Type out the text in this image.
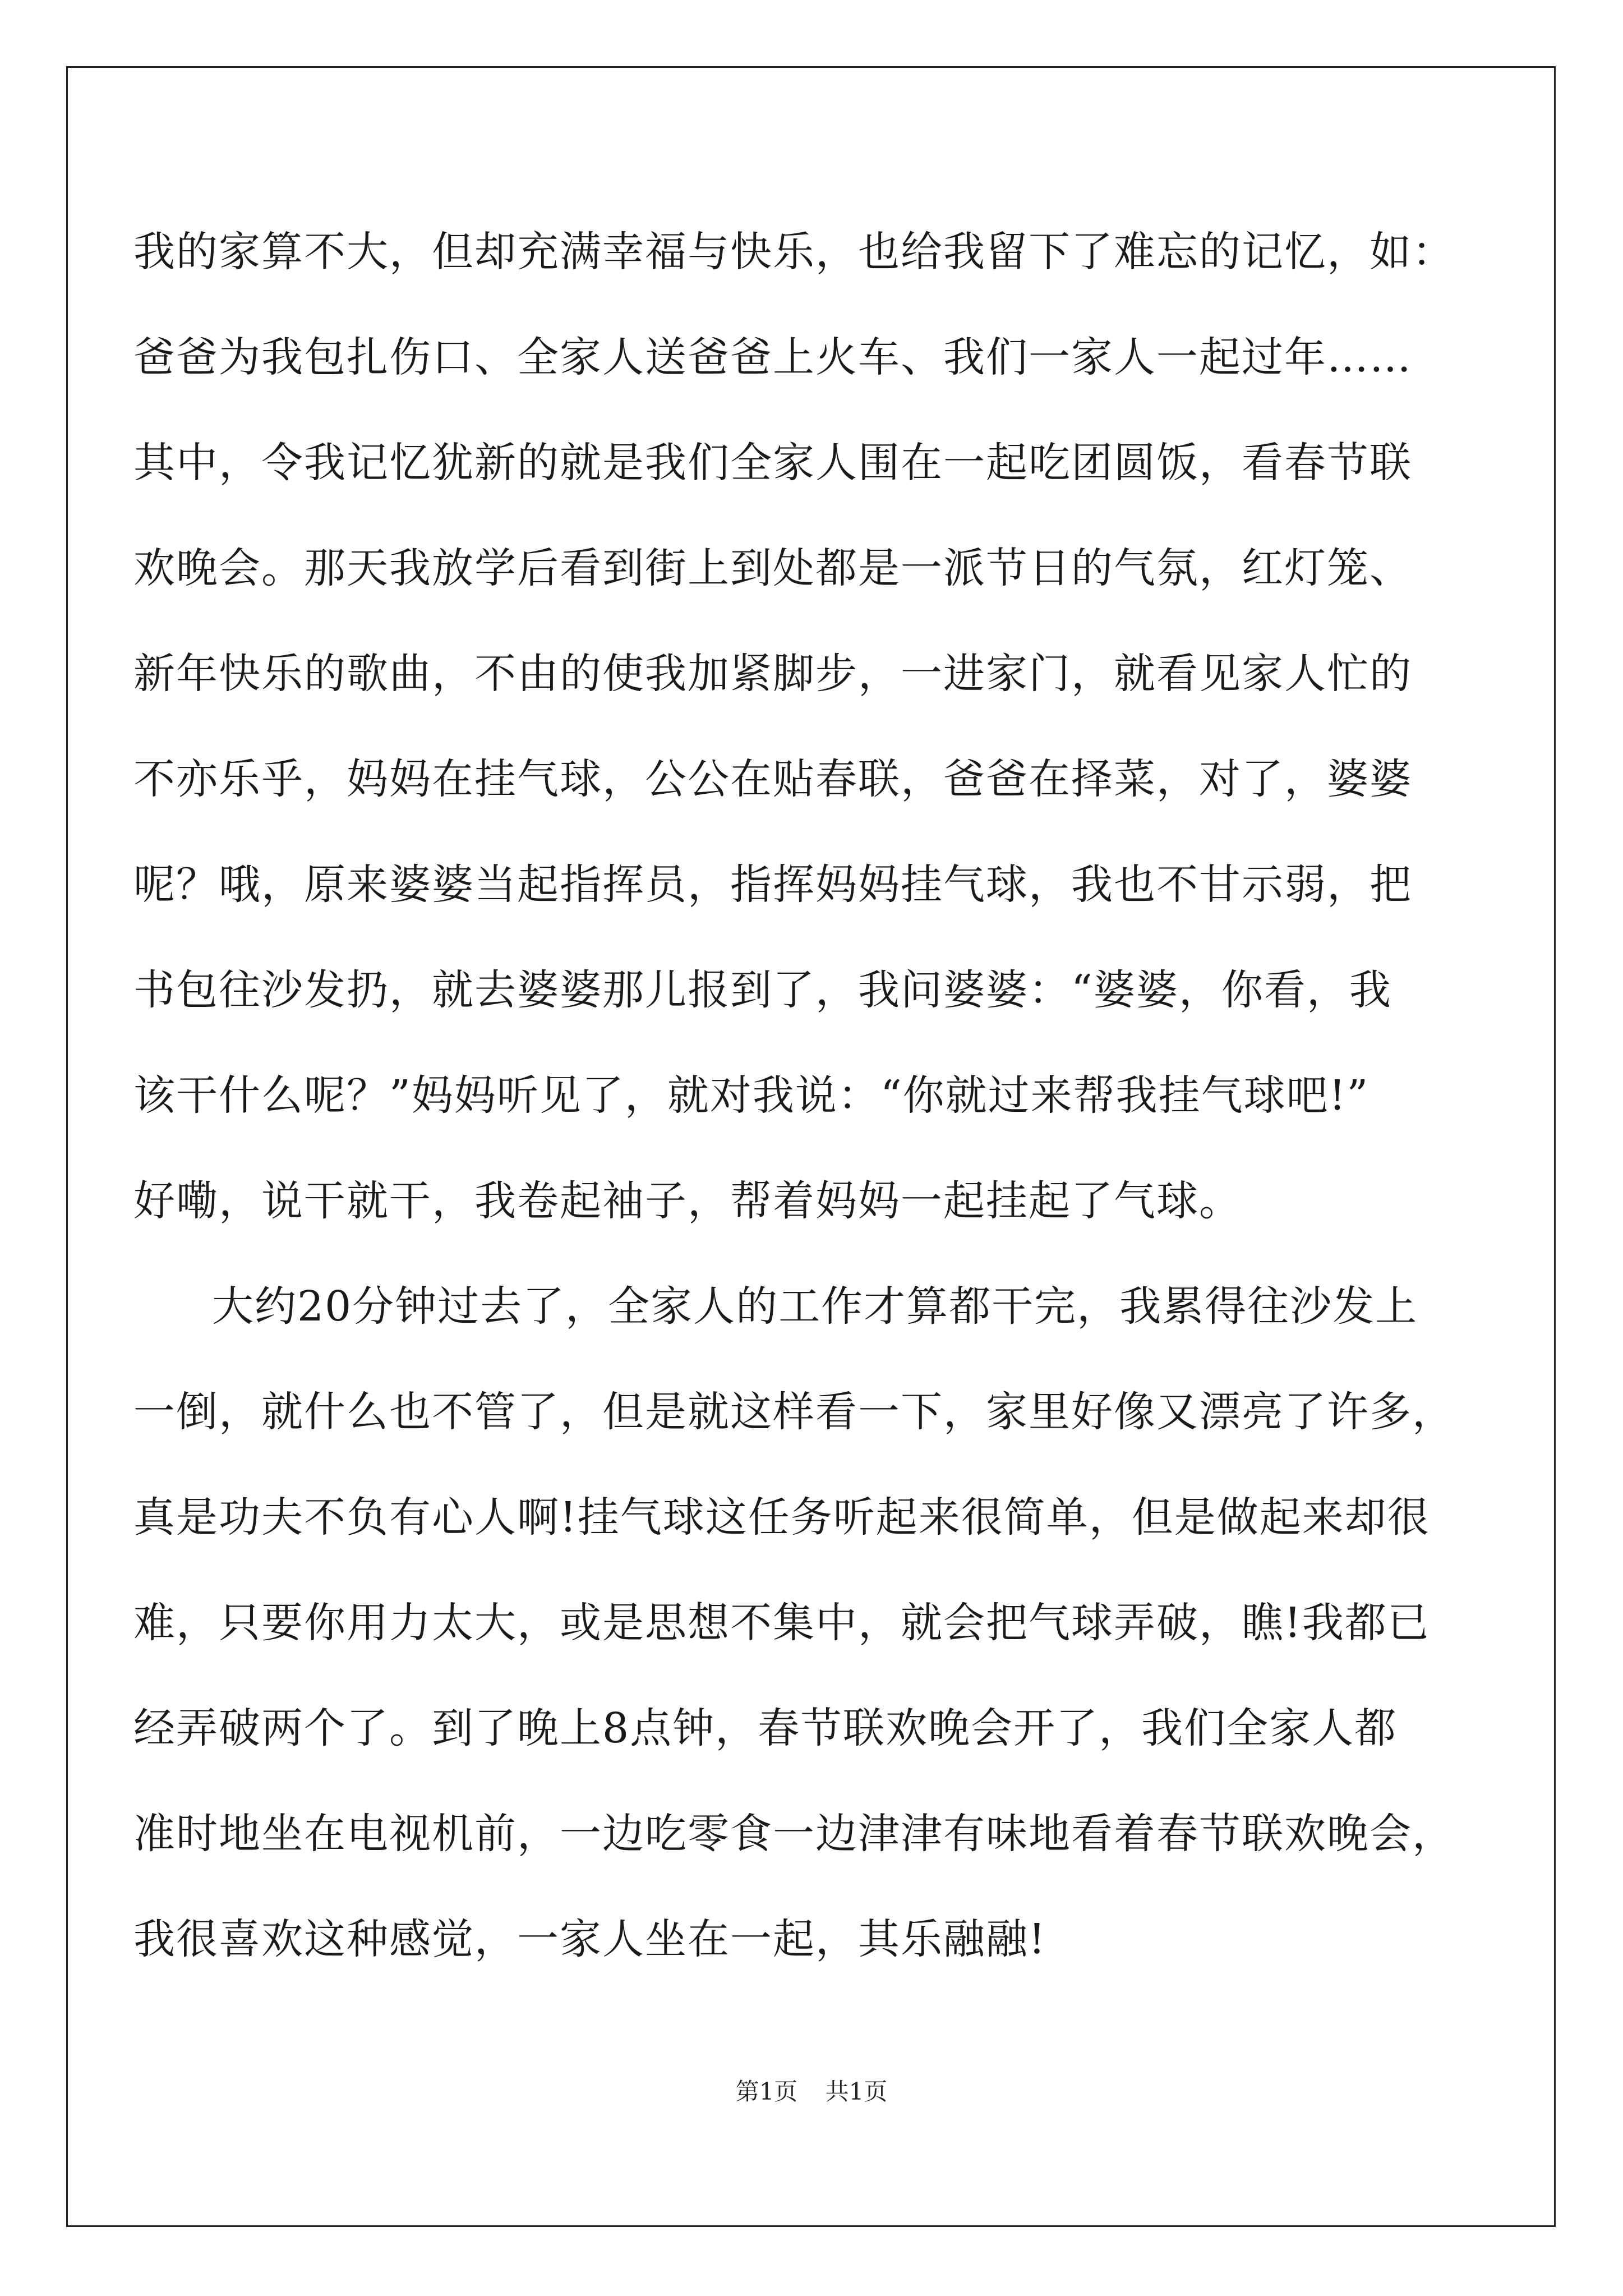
我的家算不大，但却充满幸福与快乐，也给我留下了难忘的记忆，如：
爸爸为我包扎伤口、全家人送爸爸上火车、我们一家人一起过年……
其中，令我记忆犹新的就是我们全家人围在一起吃团圆饭，看春节联
欢晚会。那天我放学后看到街上到处都是一派节日的气氛，红灯笼、
新年快乐的歌曲，不由的使我加紧脚步，一进家门，就看见家人忙的
不亦乐乎，妈妈在挂气球，公公在贴春联，爸爸在择菜，对了，婆婆
呢？哦，原来婆婆当起指挥员，指挥妈妈挂气球，我也不甘示弱，把
书包往沙发扔，就去婆婆那儿报到了，我问婆婆：“婆婆，你看，我
该干什么呢？”妈妈听见了，就对我说：“你就过来帮我挂气球吧!”
好嘞，说干就干，我卷起袖子，帮着妈妈一起挂起了气球。
大约20分钟过去了，全家人的工作才算都干完，我累得往沙发上
一倒，就什么也不管了，但是就这样看一下，家里好像又漂亮了许多，
真是功夫不负有心人啊!挂气球这任务听起来很简单，但是做起来却很
难，只要你用力太大，或是思想不集中，就会把气球弄破，瞧!我都已
经弄破两个了。到了晚上8点钟，春节联欢晚会开了，我们全家人都
准时地坐在电视机前，一边吃零食一边津津有味地看着春节联欢晚会，
我很喜欢这种感觉，一家人坐在一起，其乐融融!
第1页 共1页
